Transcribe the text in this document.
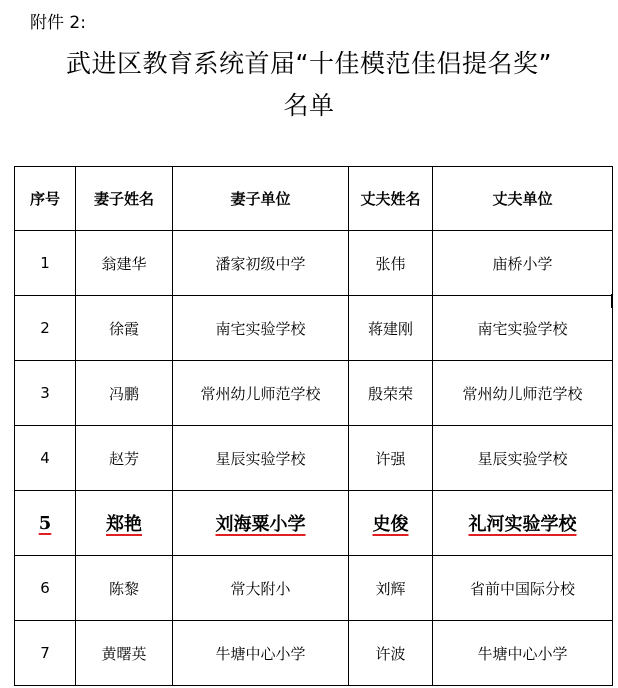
附件 2:
武进区教育系统首届“十佳模范佳侣提名奖”
名单
序号	妻子姓名	妻子单位	丈夫姓名	丈夫单位
1	翁建华	潘家初级中学	张伟	庙桥小学
2	徐霞	南宅实验学校	蒋建刚	南宅实验学校
3	冯鹏	常州幼儿师范学校	殷荣荣	常州幼儿师范学校
4	赵芳	星辰实验学校	许强	星辰实验学校
5	郑艳	刘海粟小学	史俊	礼河实验学校
6	陈黎	常大附小	刘辉	省前中国际分校
7	黄曙英	牛塘中心小学	许波	牛塘中心小学
